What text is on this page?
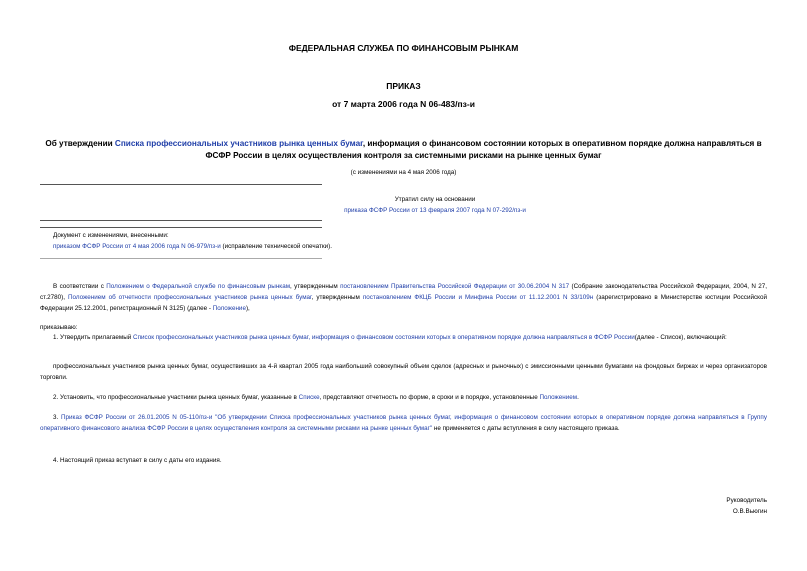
ФЕДЕРАЛЬНАЯ СЛУЖБА ПО ФИНАНСОВЫМ РЫНКАМ
ПРИКАЗ
от 7 марта 2006 года N 06-483/пз-и
Об утверждении Списка профессиональных участников рынка ценных бумаг, информация о финансовом состоянии которых в оперативном порядке должна направляться в ФСФР России в целях осуществления контроля за системными рисками на рынке ценных бумаг
(с изменениями на 4 мая 2006 года)
Утратил силу на основании
приказа ФСФР России от 13 февраля 2007 года N 07-292/пз-и
Документ с изменениями, внесенными:
приказом ФСФР России от 4 мая 2006 года N 06-979/пз-и (исправление технической опечатки).
В соответствии с Положением о Федеральной службе по финансовым рынкам, утвержденным постановлением Правительства Российской Федерации от 30.06.2004 N 317 (Собрание законодательства Российской Федерации, 2004, N 27, ст.2780), Положением об отчетности профессиональных участников рынка ценных бумаг, утвержденным постановлением ФКЦБ России и Минфина России от 11.12.2001 N 33/109н (зарегистрировано в Министерстве юстиции Российской Федерации 25.12.2001, регистрационный N 3125) (далее - Положение),
приказываю:
1. Утвердить прилагаемый Список профессиональных участников рынка ценных бумаг, информация о финансовом состоянии которых в оперативном порядке должна направляться в ФСФР России(далее - Список), включающий:
профессиональных участников рынка ценных бумаг, осуществивших за 4-й квартал 2005 года наибольший совокупный объем сделок (адресных и рыночных) с эмиссионными ценными бумагами на фондовых биржах и через организаторов торговли.
2. Установить, что профессиональные участники рынка ценных бумаг, указанные в Списке, представляют отчетность по форме, в сроки и в порядке, установленные Положением.
3. Приказ ФСФР России от 26.01.2005 N 05-110/пз-и "Об утверждении Списка профессиональных участников рынка ценных бумаг, информация о финансовом состоянии которых в оперативном порядке должна направляться в Группу оперативного финансового анализа ФСФР России в целях осуществления контроля за системными рисками на рынке ценных бумаг" не применяется с даты вступления в силу настоящего приказа.
4. Настоящий приказ вступает в силу с даты его издания.
Руководитель
О.В.Вьюгин
